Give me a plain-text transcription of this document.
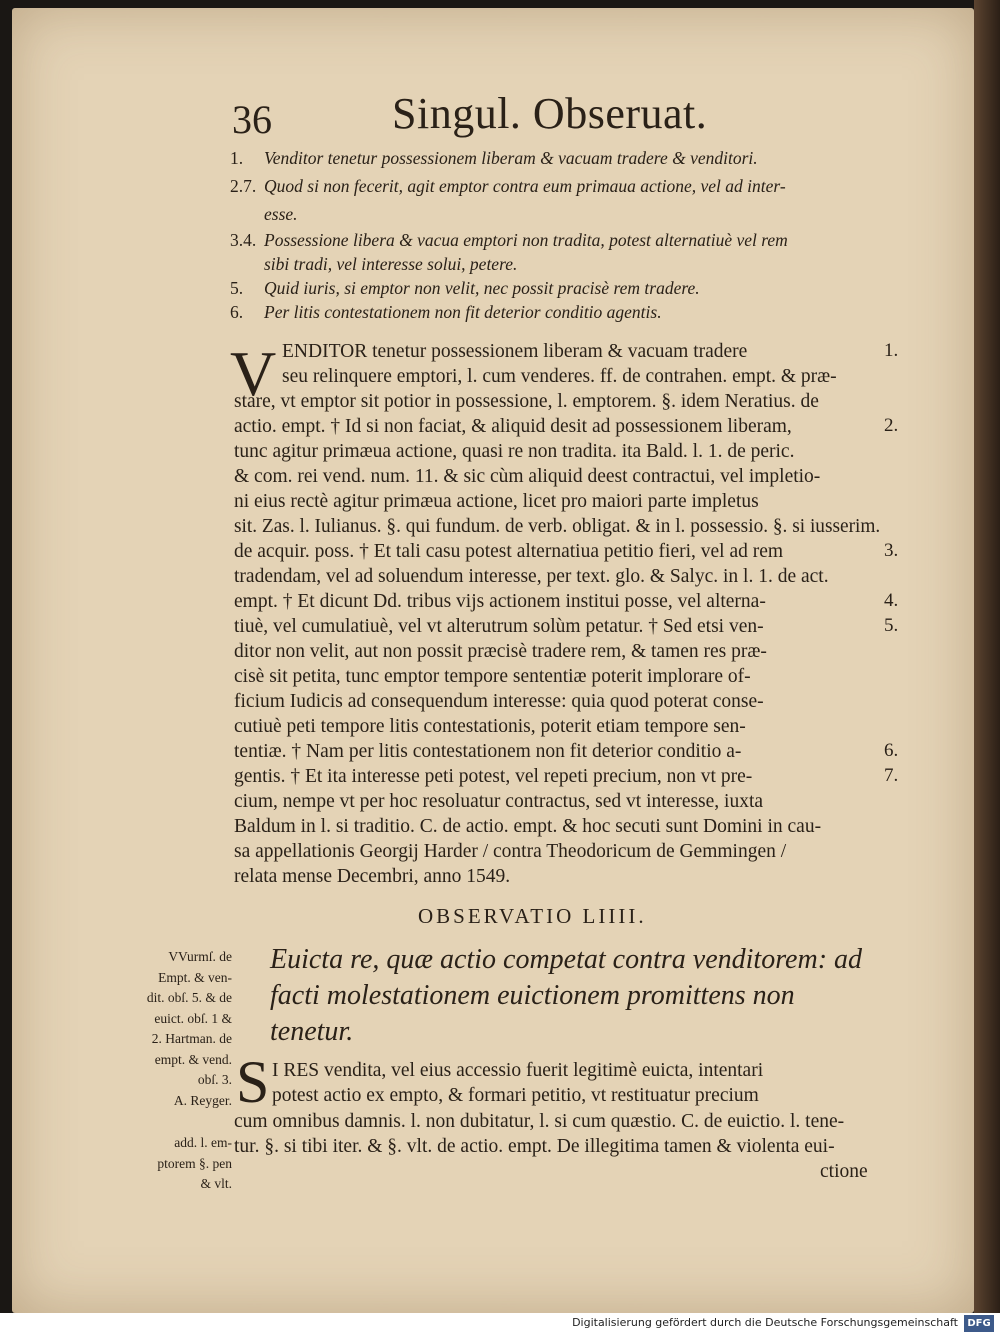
36	Singul. Obseruat.
1. Venditor tenetur possessionem liberam & vacuam tradere & venditori.
2.7. Quod si non fecerit, agit emptor contra eum primaua actione, vel ad inter-
esse.
3.4. Possessione libera & vacua emptori non tradita, potest alternatiuè vel rem
sibi tradi, vel interesse solui, petere.
5. Quid iuris, si emptor non velit, nec possit pracisè rem tradere.
6. Per litis contestationem non fit deterior conditio agentis.
V ENDITOR tenetur possessionem liberam & vacuam tradere
seu relinquere emptori, l. cum venderes. ff. de contrahen. empt. & præ-
stare, vt emptor sit potior in possessione, l. emptorem. §. idem Neratius. de
actio. empt. † Id si non faciat, & aliquid desit ad possessionem liberam,
tunc agitur primæua actione, quasi re non tradita. ita Bald. l. 1. de peric.
& com. rei vend. num. 11. & sic cùm aliquid deest contractui, vel impletio-
ni eius rectè agitur primæua actione, licet pro maiori parte impletus
sit. Zas. l. Iulianus. §. qui fundum. de verb. obligat. & in l. possessio. §. si iusserim.
de acquir. poss. † Et tali casu potest alternatiua petitio fieri, vel ad rem
tradendam, vel ad soluendum interesse, per text. glo. & Salyc. in l. 1. de act.
empt. † Et dicunt Dd. tribus vijs actionem institui posse, vel alterna-
tiuè, vel cumulatiuè, vel vt alterutrum solùm petatur. † Sed etsi ven-
ditor non velit, aut non possit præcisè tradere rem, & tamen res præ-
cisè sit petita, tunc emptor tempore sententiæ poterit implorare of-
ficium Iudicis ad consequendum interesse: quia quod poterat conse-
cutiuè peti tempore litis contestationis, poterit etiam tempore sen-
tentiæ. † Nam per litis contestationem non fit deterior conditio a-
gentis. † Et ita interesse peti potest, vel repeti precium, non vt pre-
cium, nempe vt per hoc resoluatur contractus, sed vt interesse, iuxta
Baldum in l. si traditio. C. de actio. empt. & hoc secuti sunt Domini in cau-
sa appellationis Georgij Harder / contra Theodoricum de Gemmingen /
relata mense Decembri, anno 1549.
1.
2.
3.
4.
5.
6.
7.
OBSERVATIO LIIII.
Euicta re, quæ actio competat contra venditorem: ad
facti molestationem euictionem promittens non
tenetur.
VVurmſ. de
Empt. & ven-
dit. obſ. 5. & de
euict. obſ. 1 &
2. Hartman. de
empt. & vend.
obſ. 3.
A. Reyger. S I RES vendita, vel eius accessio fuerit legitimè euicta, intentari
potest actio ex empto, & formari petitio, vt restituatur precium
cum omnibus damnis. l. non dubitatur, l. si cum quæstio. C. de euictio. l. tene-
tur. §. si tibi iter. & §. vlt. de actio. empt. De illegitima tamen & violenta eui-
ctione
add. l. em-
ptorem §. pen
& vlt.
Digitalisierung gefördert durch die Deutsche Forschungsgemeinschaft DFG
